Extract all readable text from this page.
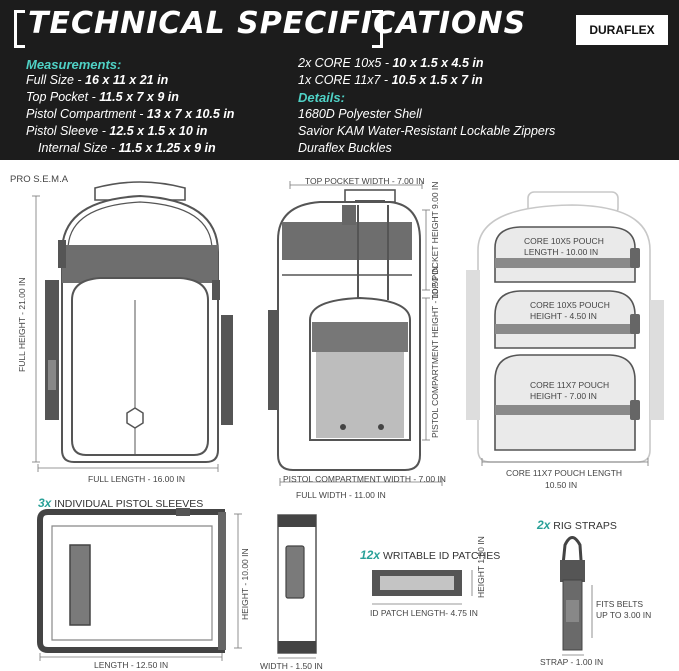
TECHNICAL SPECIFICATIONS	DURAFLEX
Measurements:
Full Size - 16 x 11 x 21 in
Top Pocket - 11.5 x 7 x 9 in
Pistol Compartment - 13 x 7 x 10.5 in
Pistol Sleeve - 12.5 x 1.5 x 10 in
Internal Size - 11.5 x 1.25 x 9 in
2x CORE 10x5 - 10 x 1.5 x 4.5 in
1x CORE 11x7 - 10.5 x 1.5 x 7 in
Details:
1680D Polyester Shell
Savior KAM Water-Resistant Lockable Zippers
Duraflex Buckles
PRO S.E.M.A
FULL HEIGHT - 21.00 IN
FULL LENGTH - 16.00 IN
TOP POCKET WIDTH - 7.00 IN
TOP POCKET HEIGHT 9.00 IN
PISTOL COMPARTMENT HEIGHT - 10.50 IN
PISTOL COMPARTMENT WIDTH - 7.00 IN
FULL WIDTH - 11.00 IN
CORE 10X5 POUCH
LENGTH - 10.00 IN
CORE 10X5 POUCH
HEIGHT - 4.50 IN
CORE 11X7 POUCH
HEIGHT - 7.00 IN
CORE 11X7 POUCH LENGTH
10.50 IN
3x INDIVIDUAL PISTOL SLEEVES
HEIGHT - 10.00 IN
LENGTH - 12.50 IN	WIDTH - 1.50 IN
12x WRITABLE ID PATCHES
HEIGHT 1.50 IN
ID PATCH LENGTH- 4.75 IN
2x RIG STRAPS
FITS BELTS
UP TO 3.00 IN
STRAP - 1.00 IN
